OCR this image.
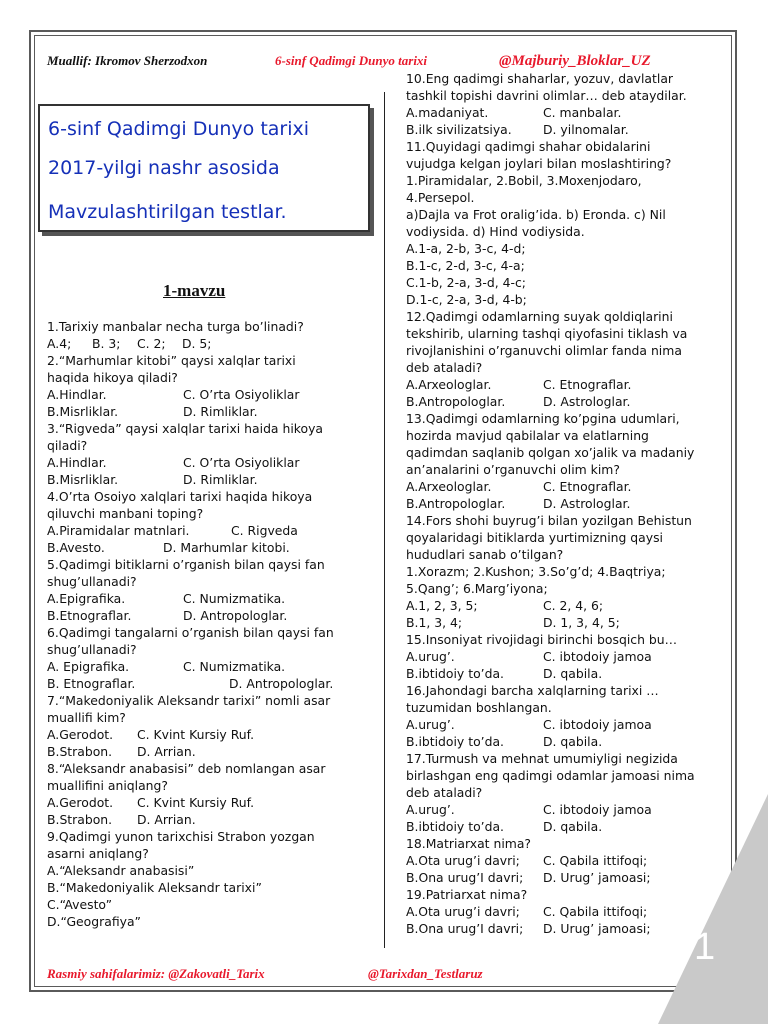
1
Muallif: Ikromov Sherzodxon	6-sinf Qadimgi Dunyo tarixi	@Majburiy_Bloklar_UZ
6-sinf Qadimgi Dunyo tarixi
2017-yilgi nashr asosida
Mavzulashtirilgan testlar.
1-mavzu
1.Tarixiy manbalar necha turga bo’linadi?
A.4; B. 3; C. 2; D. 5;
2.“Marhumlar kitobi” qaysi xalqlar tarixi
haqida hikoya qiladi?
A.Hindlar.	C. O’rta Osiyoliklar
B.Misrliklar.	D. Rimliklar.
3.“Rigveda” qaysi xalqlar tarixi haida hikoya
qiladi?
A.Hindlar.	C. O’rta Osiyoliklar
B.Misrliklar.	D. Rimliklar.
4.O’rta Osoiyo xalqlari tarixi haqida hikoya
qiluvchi manbani toping?
A.Piramidalar matnlari.	C. Rigveda
B.Avesto.	D. Marhumlar kitobi.
5.Qadimgi bitiklarni o’rganish bilan qaysi fan
shug’ullanadi?
A.Epigrafika.	C. Numizmatika.
B.Etnograflar.	D. Antropologlar.
6.Qadimgi tangalarni o’rganish bilan qaysi fan
shug’ullanadi?
A. Epigrafika.	C. Numizmatika.
B. Etnograflar.	D. Antropologlar.
7.“Makedoniyalik Aleksandr tarixi” nomli asar
muallifi kim?
A.Gerodot. C. Kvint Kursiy Ruf.
B.Strabon. D. Arrian.
8.“Aleksandr anabasisi” deb nomlangan asar
muallifini aniqlang?
A.Gerodot. C. Kvint Kursiy Ruf.
B.Strabon. D. Arrian.
9.Qadimgi yunon tarixchisi Strabon yozgan
asarni aniqlang?
A.“Aleksandr anabasisi”
B.“Makedoniyalik Aleksandr tarixi”
C.“Avesto”
D.“Geografiya”
10.Eng qadimgi shaharlar, yozuv, davlatlar
tashkil topishi davrini olimlar… deb ataydilar.
A.madaniyat.	C. manbalar.
B.ilk sivilizatsiya.	D. yilnomalar.
11.Quyidagi qadimgi shahar obidalarini
vujudga kelgan joylari bilan moslashtiring?
1.Piramidalar, 2.Bobil, 3.Moxenjodaro,
4.Persepol.
a)Dajla va Frot oralig’ida. b) Eronda. c) Nil
vodiysida. d) Hind vodiysida.
A.1-a, 2-b, 3-c, 4-d;
B.1-c, 2-d, 3-c, 4-a;
C.1-b, 2-a, 3-d, 4-c;
D.1-c, 2-a, 3-d, 4-b;
12.Qadimgi odamlarning suyak qoldiqlarini
tekshirib, ularning tashqi qiyofasini tiklash va
rivojlanishini o’rganuvchi olimlar fanda nima
deb ataladi?
A.Arxeologlar.	C. Etnograflar.
B.Antropologlar.	D. Astrologlar.
13.Qadimgi odamlarning ko’pgina udumlari,
hozirda mavjud qabilalar va elatlarning
qadimdan saqlanib qolgan xo’jalik va madaniy
an’analarini o’rganuvchi olim kim?
A.Arxeologlar.	C. Etnograflar.
B.Antropologlar.	D. Astrologlar.
14.Fors shohi buyrug’i bilan yozilgan Behistun
qoyalaridagi bitiklarda yurtimizning qaysi
hududlari sanab o’tilgan?
1.Xorazm; 2.Kushon; 3.So’g’d; 4.Baqtriya;
5.Qang’; 6.Marg’iyona;
A.1, 2, 3, 5;	C. 2, 4, 6;
B.1, 3, 4;	D. 1, 3, 4, 5;
15.Insoniyat rivojidagi birinchi bosqich bu…
A.urug’.	C. ibtodoiy jamoa
B.ibtidoiy to’da.	D. qabila.
16.Jahondagi barcha xalqlarning tarixi …
tuzumidan boshlangan.
A.urug’.	C. ibtodoiy jamoa
B.ibtidoiy to’da.	D. qabila.
17.Turmush va mehnat umumiyligi negizida
birlashgan eng qadimgi odamlar jamoasi nima
deb ataladi?
A.urug’.	C. ibtodoiy jamoa
B.ibtidoiy to’da.	D. qabila.
18.Matriarxat nima?
A.Ota urug’i davri; C. Qabila ittifoqi;
B.Ona urug’I davri; D. Urug’ jamoasi;
19.Patriarxat nima?
A.Ota urug’i davri; C. Qabila ittifoqi;
B.Ona urug’I davri; D. Urug’ jamoasi;
Rasmiy sahifalarimiz: @Zakovatli_Tarix	@Tarixdan_Testlaruz
